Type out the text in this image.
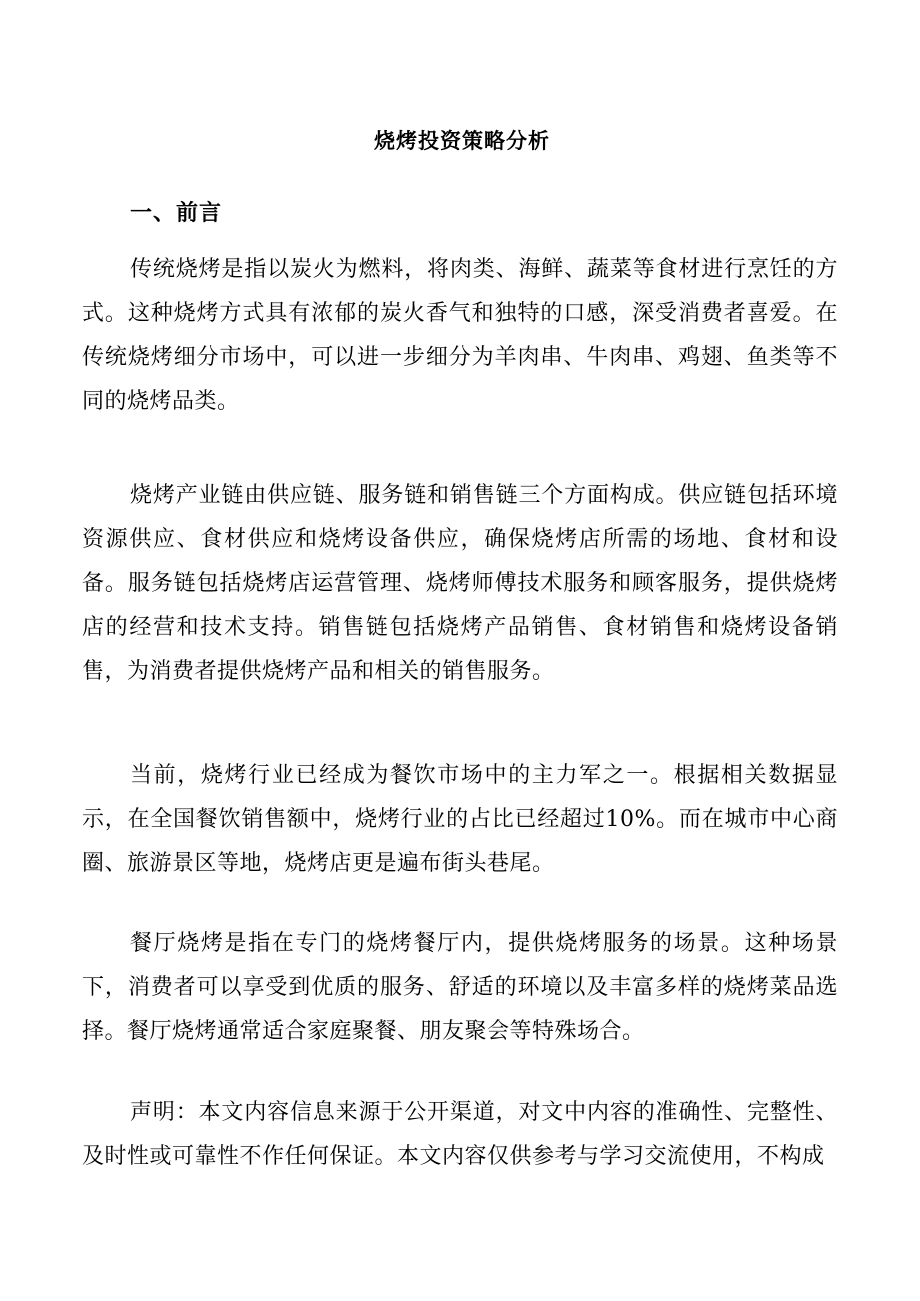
烧烤投资策略分析
一、前言

传统烧烤是指以炭火为燃料，将肉类、海鲜、蔬菜等食材进行烹饪的方式。这种烧烤方式具有浓郁的炭火香气和独特的口感，深受消费者喜爱。在传统烧烤细分市场中，可以进一步细分为羊肉串、牛肉串、鸡翅、鱼类等不同的烧烤品类。

烧烤产业链由供应链、服务链和销售链三个方面构成。供应链包括环境资源供应、食材供应和烧烤设备供应，确保烧烤店所需的场地、食材和设备。服务链包括烧烤店运营管理、烧烤师傅技术服务和顾客服务，提供烧烤店的经营和技术支持。销售链包括烧烤产品销售、食材销售和烧烤设备销售，为消费者提供烧烤产品和相关的销售服务。

当前，烧烤行业已经成为餐饮市场中的主力军之一。根据相关数据显示，在全国餐饮销售额中，烧烤行业的占比已经超过10%。而在城市中心商圈、旅游景区等地，烧烤店更是遍布街头巷尾。

餐厅烧烤是指在专门的烧烤餐厅内，提供烧烤服务的场景。这种场景下，消费者可以享受到优质的服务、舒适的环境以及丰富多样的烧烤菜品选择。餐厅烧烤通常适合家庭聚餐、朋友聚会等特殊场合。

声明：本文内容信息来源于公开渠道，对文中内容的准确性、完整性、及时性或可靠性不作任何保证。本文内容仅供参考与学习交流使用，不构成
